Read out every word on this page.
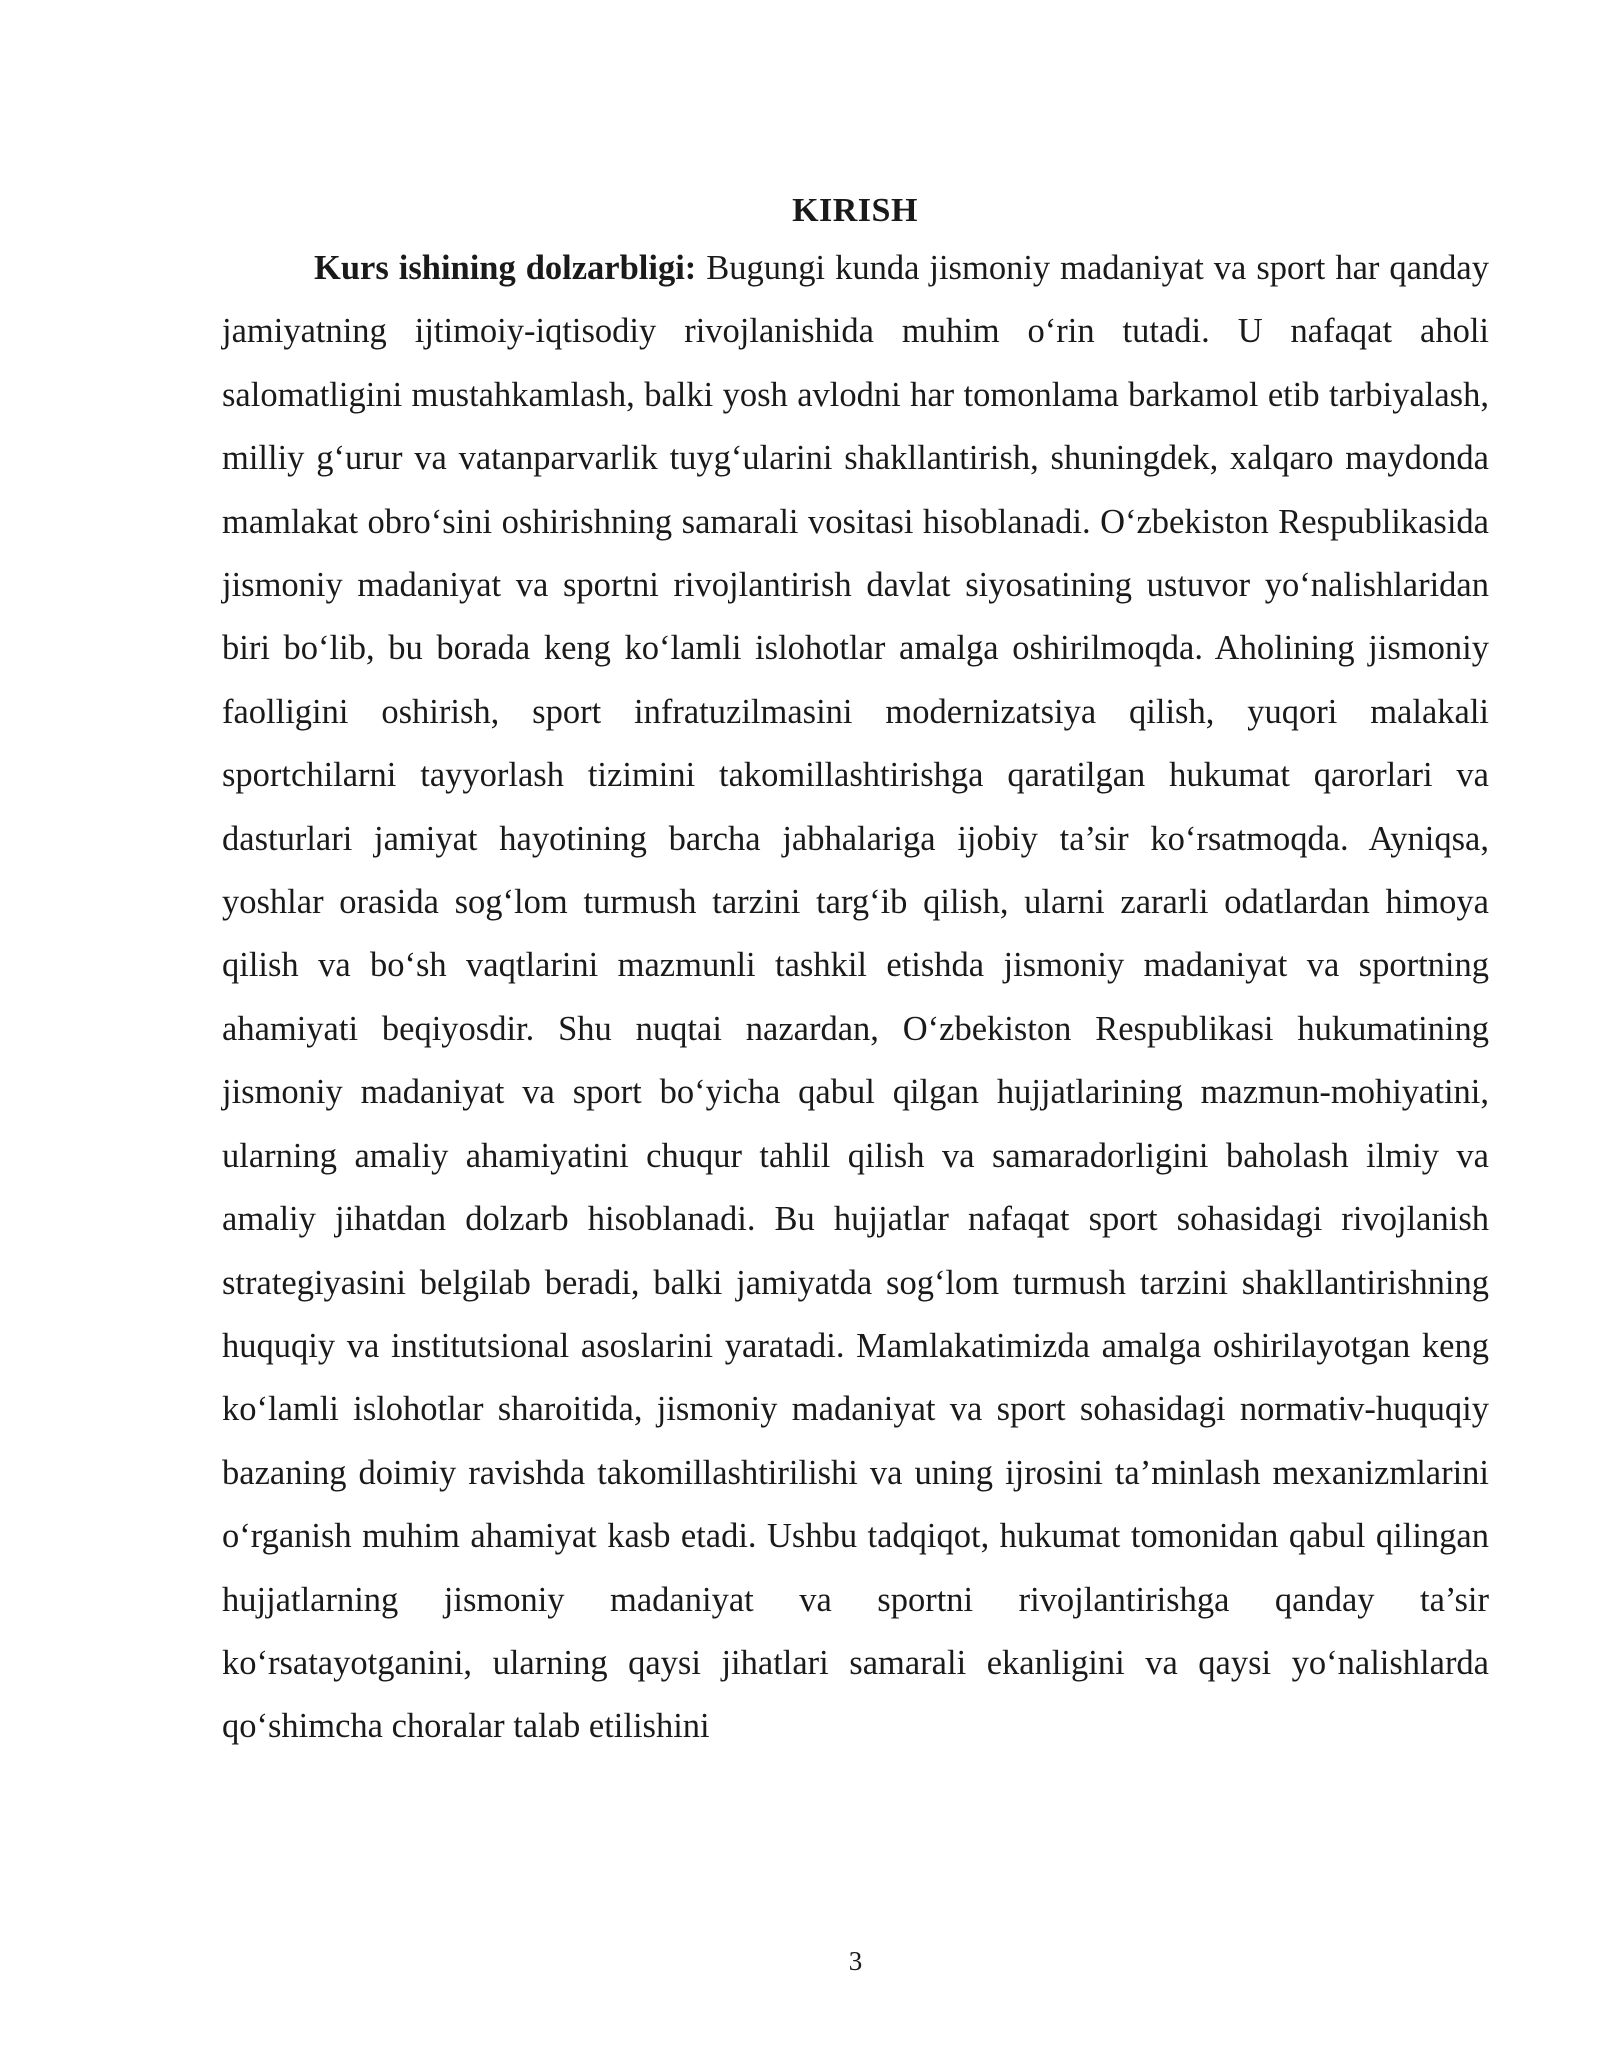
KIRISH

Kurs ishining dolzarbligi: Bugungi kunda jismoniy madaniyat va sport har qanday jamiyatning ijtimoiy-iqtisodiy rivojlanishida muhim o‘rin tutadi. U nafaqat aholi salomatligini mustahkamlash, balki yosh avlodni har tomonlama barkamol etib tarbiyalash, milliy g‘urur va vatanparvarlik tuyg‘ularini shakllantirish, shuningdek, xalqaro maydonda mamlakat obro‘sini oshirishning samarali vositasi hisoblanadi. O‘zbekiston Respublikasida jismoniy madaniyat va sportni rivojlantirish davlat siyosatining ustuvor yo‘nalishlaridan biri bo‘lib, bu borada keng ko‘lamli islohotlar amalga oshirilmoqda. Aholining jismoniy faolligini oshirish, sport infratuzilmasini modernizatsiya qilish, yuqori malakali sportchilarni tayyorlash tizimini takomillashtirishga qaratilgan hukumat qarorlari va dasturlari jamiyat hayotining barcha jabhalariga ijobiy ta’sir ko‘rsatmoqda. Ayniqsa, yoshlar orasida sog‘lom turmush tarzini targ‘ib qilish, ularni zararli odatlardan himoya qilish va bo‘sh vaqtlarini mazmunli tashkil etishda jismoniy madaniyat va sportning ahamiyati beqiyosdir. Shu nuqtai nazardan, O‘zbekiston Respublikasi hukumatining jismoniy madaniyat va sport bo‘yicha qabul qilgan hujjatlarining mazmun-mohiyatini, ularning amaliy ahamiyatini chuqur tahlil qilish va samaradorligini baholash ilmiy va amaliy jihatdan dolzarb hisoblanadi. Bu hujjatlar nafaqat sport sohasidagi rivojlanish strategiyasini belgilab beradi, balki jamiyatda sog‘lom turmush tarzini shakllantirishning huquqiy va institutsional asoslarini yaratadi. Mamlakatimizda amalga oshirilayotgan keng ko‘lamli islohotlar sharoitida, jismoniy madaniyat va sport sohasidagi normativ-huquqiy bazaning doimiy ravishda takomillashtirilishi va uning ijrosini ta’minlash mexanizmlarini o‘rganish muhim ahamiyat kasb etadi. Ushbu tadqiqot, hukumat tomonidan qabul qilingan hujjatlarning jismoniy madaniyat va sportni rivojlantirishga qanday ta’sir ko‘rsatayotganini, ularning qaysi jihatlari samarali ekanligini va qaysi yo‘nalishlarda qo‘shimcha choralar talab etilishini

3
